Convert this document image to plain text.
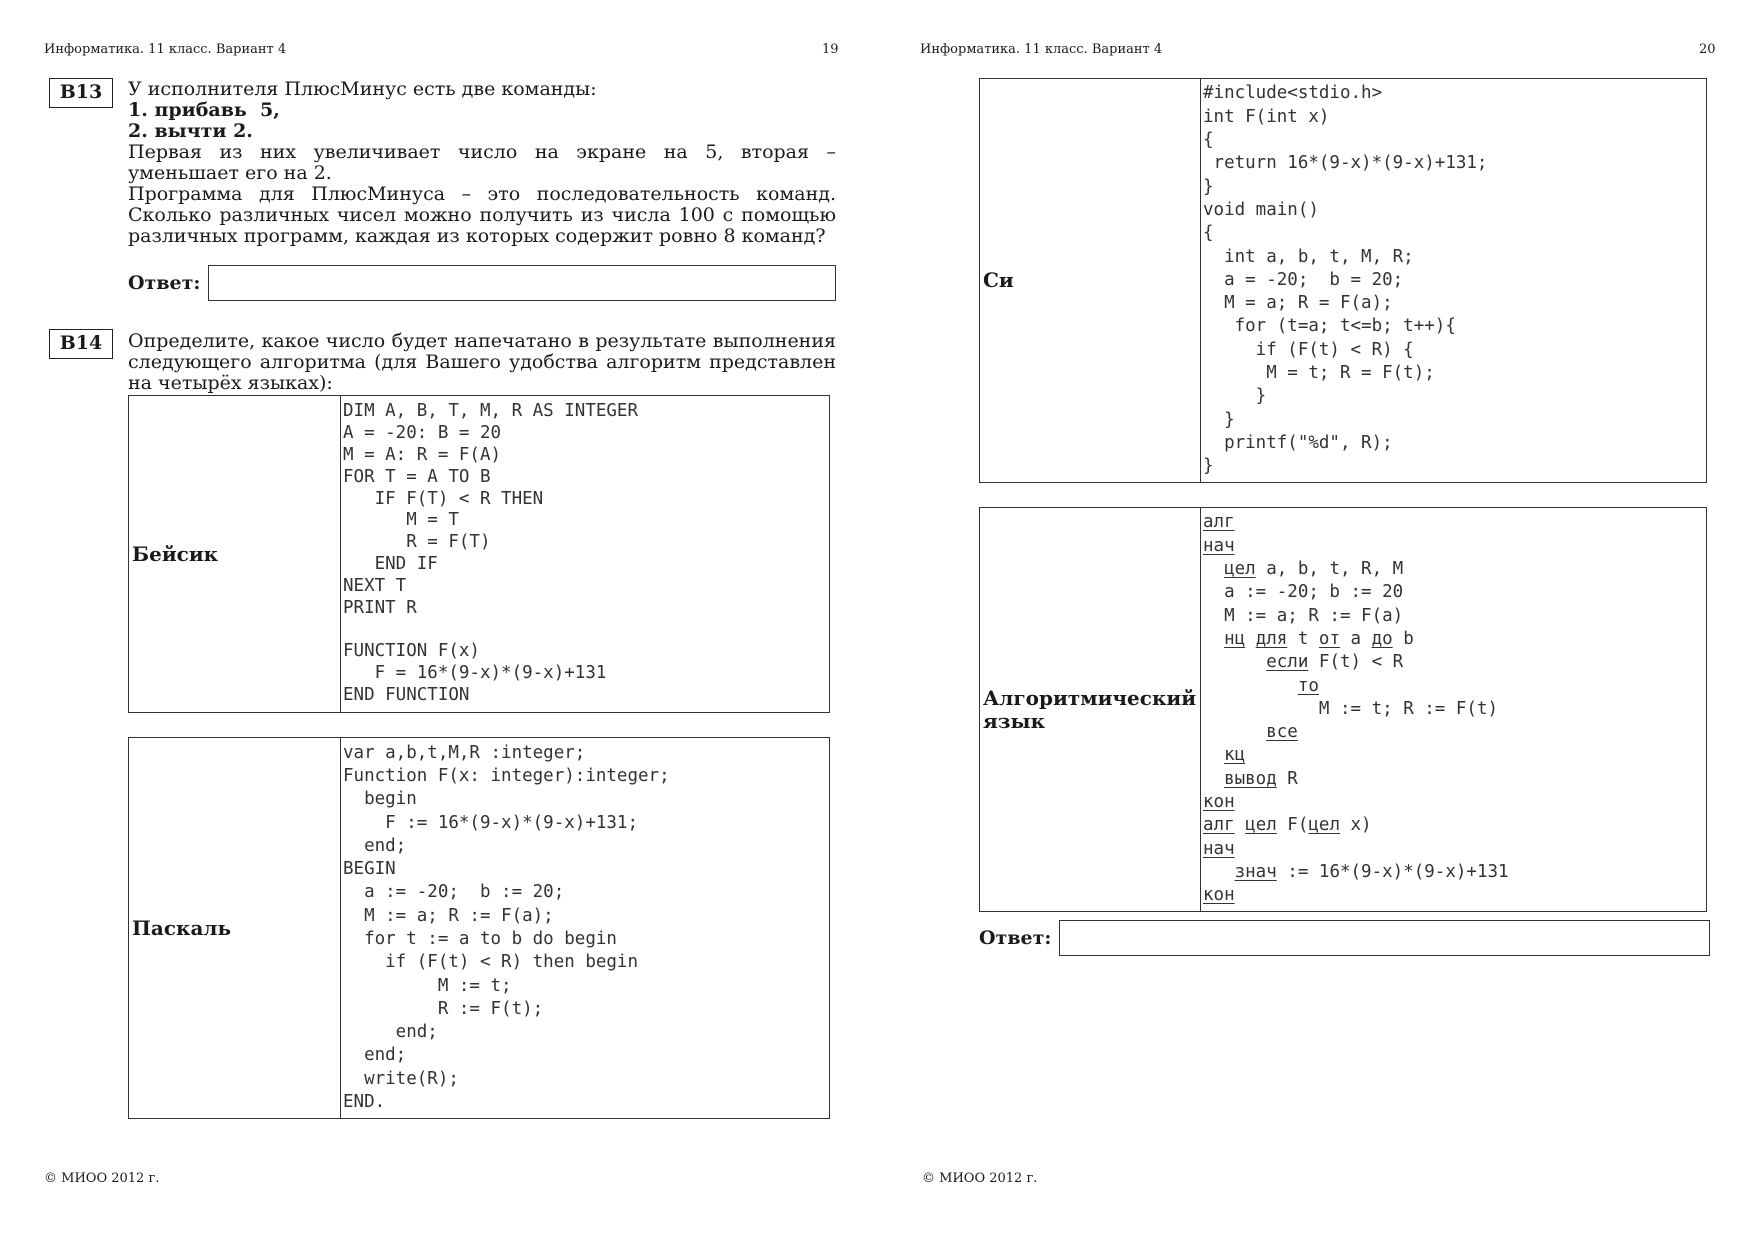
Информатика. 11 класс. Вариант 4	19
B13	У исполнителя ПлюсМинус есть две команды:

1. прибавь  5,

2. вычти 2.

Первая из них увеличивает число на экране на 5, вторая – уменьшает его на 2.

Программа для ПлюсМинуса – это последовательность команд. Сколько различных чисел можно получить из числа 100 с помощью различных программ, каждая из которых содержит ровно 8 команд?

Ответ:
B14	Определите, какое число будет напечатано в результате выполнения следующего алгоритма (для Вашего удобства алгоритм представлен на четырёх языках):

Бейсик	
DIM A, B, T, M, R AS INTEGER
A = -20: B = 20
M = A: R = F(A)
FOR T = A TO B
IF F(T) < R THEN
M = T
R = F(T)
END IF
NEXT T
PRINT R

FUNCTION F(x)
F = 16*(9-x)*(9-x)+131
END FUNCTION
Паскаль	
var a,b,t,M,R :integer;
Function F(x: integer):integer;
begin
F := 16*(9-x)*(9-x)+131;
end;
BEGIN
a := -20;  b := 20;
M := a; R := F(a);
for t := a to b do begin
if (F(t) < R) then begin
M := t;
R := F(t);
end;
end;
write(R);
END.
© МИОО 2012 г.
Информатика. 11 класс. Вариант 4	20
Си	
#include<stdio.h>
int F(int x)
{
return 16*(9-x)*(9-x)+131;
}
void main()
{
int a, b, t, M, R;
a = -20;  b = 20;
M = a; R = F(a);
for (t=a; t<=b; t++){
if (F(t) < R) {
M = t; R = F(t);
}
}
printf("%d", R);
}
Алгоритмический язык	
алг
нач
цел a, b, t, R, M
a := -20; b := 20
M := a; R := F(a)
нц для t от a до b
если F(t) < R
то
M := t; R := F(t)
все
кц
вывод R
кон
алг цел F(цел x)
нач
знач := 16*(9-x)*(9-x)+131
кон
Ответ:
© МИОО 2012 г.
